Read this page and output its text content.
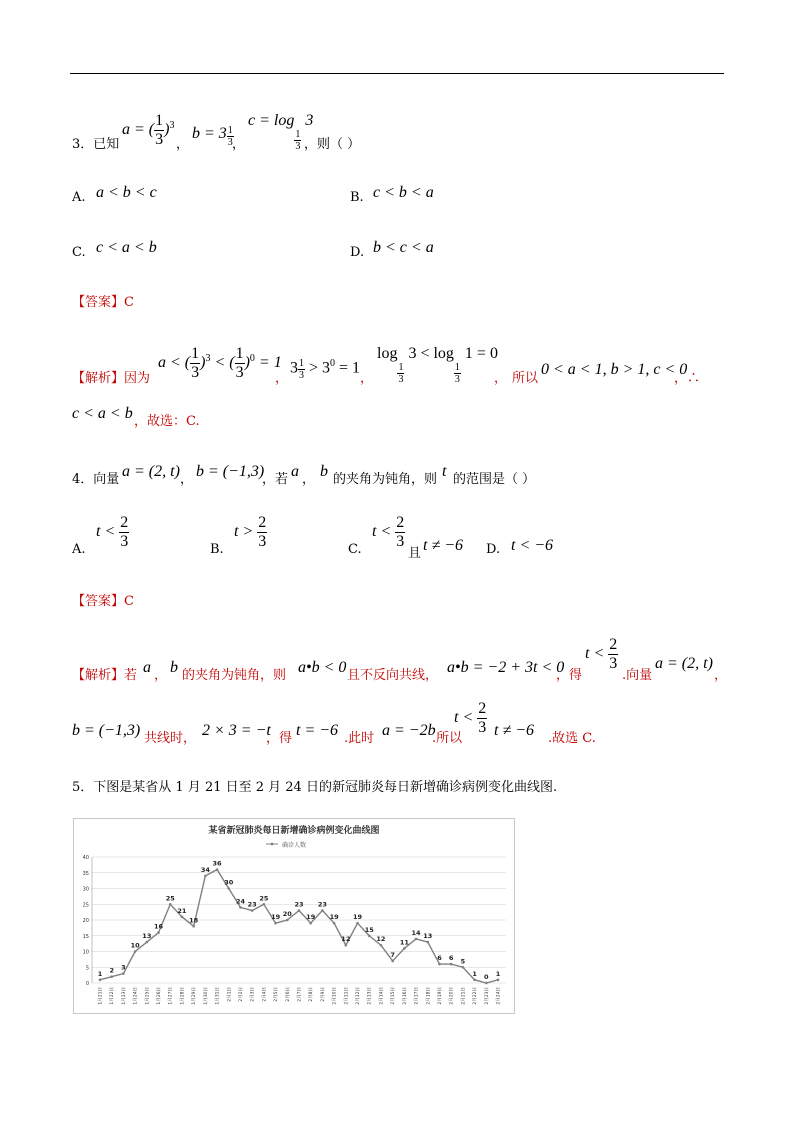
3．已知
a = ( $\frac{1}{3} )^3$
，
$b = 3 \frac{1}{3}$
，
c = log
$\frac{1}{3}$
3
，则（ ）
A. a < b < c	B. c < b < a
C. c < a < b	D. b < c < a
【答案】C
【解析】因为
a < ( $\frac{1}{3} )^3$ < ( $\frac{1}{3} )^0 = 1$
，
$3 \frac{1}{3} > 3^0 = 1$
，
log
$\frac{1}{3}$
3 < log
$\frac{1}{3}$
1 = 0
， 所以
0 < a < 1, b > 1, c < 0
，∴
c < a < b ，故选：C.
4．向量 a = (2, t) ， b = (−1,3)
，若 a ， b 的夹角为钝角，则 t 的范围是（ ）
A.
$t < \frac{2}{3}$	B.
$t > \frac{2}{3}$	C.
$t < \frac{2}{3}$
且 t ≠ −6 D. t < −6
【答案】C
【解析】若 a ， b 的夹角为钝角，则 a•b < 0 且不反向共线， a•b = −2 + 3t < 0
，得
$t < \frac{2}{3}$
.向量
a = (2, t)
，
b = (−1,3) 共线时， 2 × 3 = −t
，得 t = −6 .此时 a = −2b
.所以
$t < \frac{2}{3}$ t ≠ −6 .故选 C.
5．下图是某省从 1 月 21 日至 2 月 24 日的新冠肺炎每日新增确诊病例变化曲线图.
某省新冠肺炎每日新增确诊病例变化曲线图
确诊人数
0
5
10
15
20
25
30
35
40
1月21日	1月22日	1月23日	1月24日	1月25日	1月26日	1月27日	1月28日	1月29日	1月30日	1月31日	2月1日	2月2日	2月3日	2月4日	2月5日	2月6日	2月7日	2月8日	2月9日	2月10日	2月11日	2月12日	2月13日	2月14日	2月15日	2月16日	2月17日	2月18日	2月19日	2月20日	2月21日	2月22日	2月23日	2月24日
1 2 3
10
13
16
25
21
18
34
36
30
24 23
25
19 20
23
19
23
19
12
19
15
12
7
11
14 13
6 6 5
1 0 1
